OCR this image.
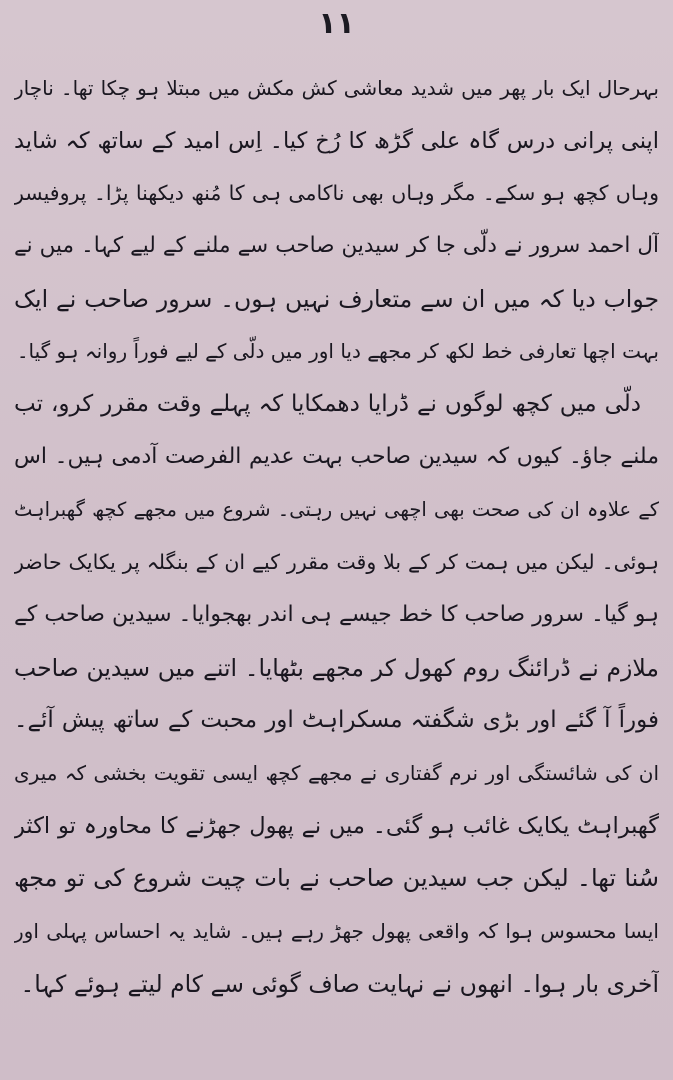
١١
بہرحال ایک بار پھر میں شدید معاشی کش مکش میں مبتلا ہو چکا تھا۔ ناچار
اپنی پرانی درس گاہ علی گڑھ کا رُخ کیا۔ اِس امید کے ساتھ کہ شاید
وہاں کچھ ہو سکے۔ مگر وہاں بھی ناکامی ہی کا مُنھ دیکھنا پڑا۔ پروفیسر
آل احمد سرور نے دلّی جا کر سیدین صاحب سے ملنے کے لیے کہا۔ میں نے
جواب دیا کہ میں ان سے متعارف نہیں ہوں۔ سرور صاحب نے ایک
بہت اچھا تعارفی خط لکھ کر مجھے دیا اور میں دلّی کے لیے فوراً روانہ ہو گیا۔
دلّی میں کچھ لوگوں نے ڈرایا دھمکایا کہ پہلے وقت مقرر کرو، تب
ملنے جاؤ۔ کیوں کہ سیدین صاحب بہت عدیم الفرصت آدمی ہیں۔ اس
کے علاوہ ان کی صحت بھی اچھی نہیں رہتی۔ شروع میں مجھے کچھ گھبراہٹ
ہوئی۔ لیکن میں ہمت کر کے بلا وقت مقرر کیے ان کے بنگلہ پر یکایک حاضر
ہو گیا۔ سرور صاحب کا خط جیسے ہی اندر بھجوایا۔ سیدین صاحب کے
ملازم نے ڈرائنگ روم کھول کر مجھے بٹھایا۔ اتنے میں سیدین صاحب
فوراً آ گئے اور بڑی شگفتہ مسکراہٹ اور محبت کے ساتھ پیش آئے۔
ان کی شائستگی اور نرم گفتاری نے مجھے کچھ ایسی تقویت بخشی کہ میری
گھبراہٹ یکایک غائب ہو گئی۔ میں نے پھول جھڑنے کا محاورہ تو اکثر
سُنا تھا۔ لیکن جب سیدین صاحب نے بات چیت شروع کی تو مجھ
ایسا محسوس ہوا کہ واقعی پھول جھڑ رہے ہیں۔ شاید یہ احساس پہلی اور
آخری بار ہوا۔ انھوں نے نہایت صاف گوئی سے کام لیتے ہوئے کہا۔
